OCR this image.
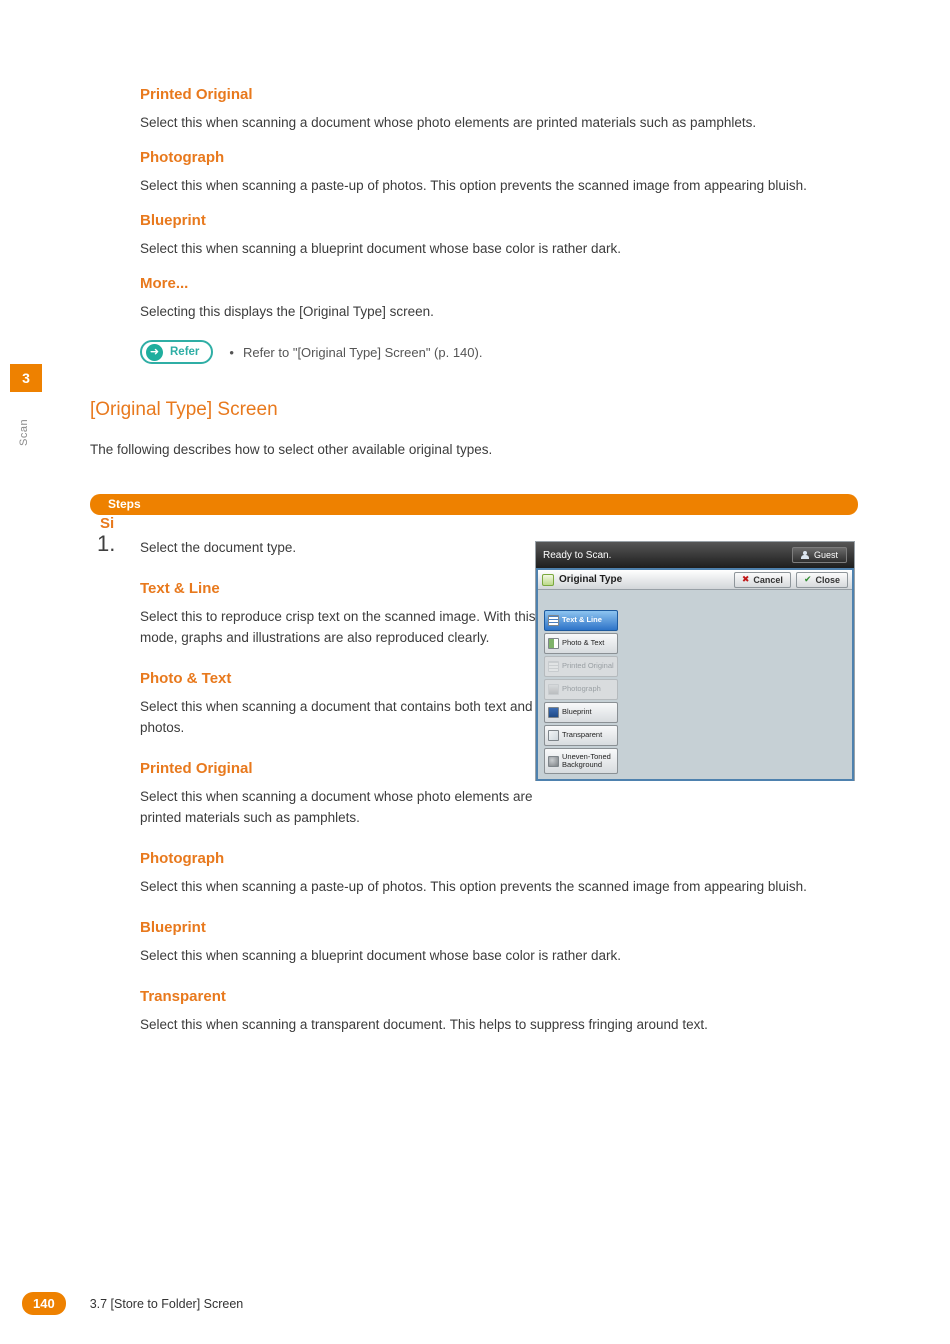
3
Scan
Printed Original

Select this when scanning a document whose photo elements are printed materials such as pamphlets.

Photograph

Select this when scanning a paste-up of photos. This option prevents the scanned image from appearing bluish.

Blueprint

Select this when scanning a blueprint document whose base color is rather dark.

More...

Selecting this displays the [Original Type] screen.

➜ Refer • Refer to "[Original Type] Screen" (p. 140).
[Original Type] Screen

The following describes how to select other available original types.

Steps
Si
1.	Select the document type.

Text & Line

Select this to reproduce crisp text on the scanned image. With this mode, graphs and illustrations are also reproduced clearly.

Photo & Text

Select this when scanning a document that contains both text and photos.

Printed Original

Select this when scanning a document whose photo elements are printed materials such as pamphlets.

Photograph

Select this when scanning a paste-up of photos. This option prevents the scanned image from appearing bluish.

Blueprint

Select this when scanning a blueprint document whose base color is rather dark.

Transparent

Select this when scanning a transparent document. This helps to suppress fringing around text.

Ready to Scan.	Guest
Original Type	✖ Cancel ✔ Close
Text & Line
Photo & Text
Printed Original
Photograph
Blueprint
Transparent
Uneven-Toned Background
140	3.7 [Store to Folder] Screen
